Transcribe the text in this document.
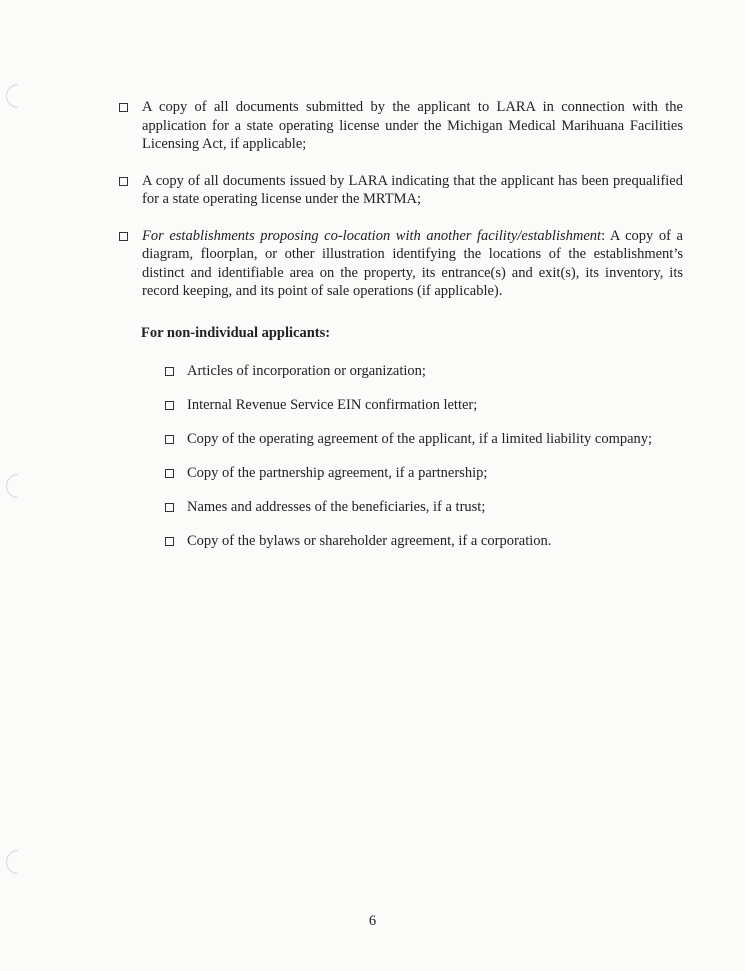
A copy of all documents submitted by the applicant to LARA in connection with the application for a state operating license under the Michigan Medical Marihuana Facilities Licensing Act, if applicable;
A copy of all documents issued by LARA indicating that the applicant has been prequalified for a state operating license under the MRTMA;
For establishments proposing co-location with another facility/establishment: A copy of a diagram, floorplan, or other illustration identifying the locations of the establishment’s distinct and identifiable area on the property, its entrance(s) and exit(s), its inventory, its record keeping, and its point of sale operations (if applicable).

For non-individual applicants:

Articles of incorporation or organization;
Internal Revenue Service EIN confirmation letter;
Copy of the operating agreement of the applicant, if a limited liability company;
Copy of the partnership agreement, if a partnership;
Names and addresses of the beneficiaries, if a trust;
Copy of the bylaws or shareholder agreement, if a corporation.
6
